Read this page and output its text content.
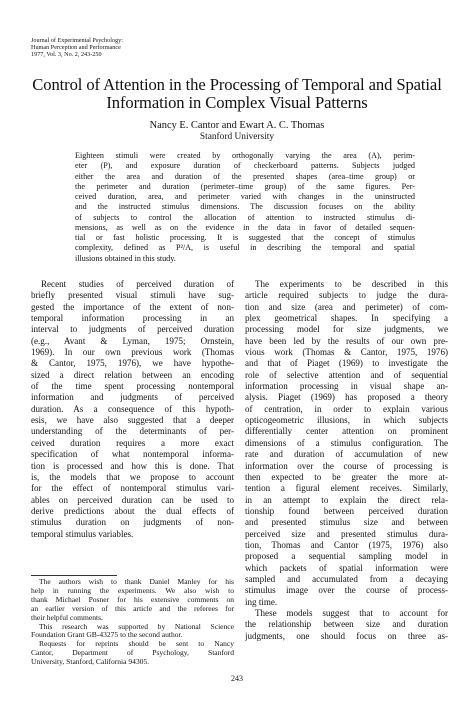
Journal of Experimental Psychology:
Human Perception and Performance
1977, Vol. 3, No. 2, 243-250
Control of Attention in the Processing of Temporal and Spatial
Information in Complex Visual Patterns
Nancy E. Cantor and Ewart A. C. Thomas
Stanford University
Eighteen stimuli were created by orthogonally varying the area (A), perim-
eter (P), and exposure duration of checkerboard patterns. Subjects judged
either the area and duration of the presented shapes (area–time group) or
the perimeter and duration (perimeter–time group) of the same figures. Per-
ceived duration, area, and perimeter varied with changes in the uninstructed
and the instructed stimulus dimensions. The discussion focuses on the ability
of subjects to control the allocation of attention to instructed stimulus di-
mensions, as well as on the evidence in the data in favor of detailed sequen-
tial or fast holistic processing. It is suggested that the concept of stimulus
complexity, defined as P²/A, is useful in describing the temporal and spatial
illusions obtained in this study.
Recent studies of perceived duration of
briefly presented visual stimuli have sug-
gested the importance of the extent of non-
temporal information processing in an
interval to judgments of perceived duration
(e.g., Avant & Lyman, 1975; Ornstein,
1969). In our own previous work (Thomas
& Cantor, 1975, 1976), we have hypothe-
sized a direct relation between an encoding
of the time spent processing nontemporal
information and judgments of perceived
duration. As a consequence of this hypoth-
esis, we have also suggested that a deeper
understanding of the determinants of per-
ceived duration requires a more exact
specification of what nontemporal informa-
tion is processed and how this is done. That
is, the models that we propose to account
for the effect of nontemporal stimulus vari-
ables on perceived duration can be used to
derive predictions about the dual effects of
stimulus duration on judgments of non-
temporal stimulus variables.
The authors wish to thank Daniel Manley for his
help in running the experiments. We also wish to
thank Michael Posner for his extensive comments on
an earlier version of this article and the referees for
their helpful comments.
This research was supported by National Science
Foundation Grant GB-43275 to the second author.
Requests for reprints should be sent to Nancy
Cantor, Department of Psychology, Stanford
University, Stanford, California 94305.
The experiments to be described in this
article required subjects to judge the dura-
tion and size (area and perimeter) of com-
plex geometrical shapes. In specifying a
processing model for size judgments, we
have been led by the results of our own pre-
vious work (Thomas & Cantor, 1975, 1976)
and that of Piaget (1969) to investigate the
role of selective attention and of sequential
information processing in visual shape an-
alysis. Piaget (1969) has proposed a theory
of centration, in order to explain various
opticogeometric illusions, in which subjects
differentially center attention on prominent
dimensions of a stimulus configuration. The
rate and duration of accumulation of new
information over the course of processing is
then expected to be greater the more at-
tention a figural element receives. Similarly,
in an attempt to explain the direct rela-
tionship found between perceived duration
and presented stimulus size and between
perceived size and presented stimulus dura-
tion, Thomas and Cantor (1975, 1976) also
proposed a sequential sampling model in
which packets of spatial information were
sampled and accumulated from a decaying
stimulus image over the course of process-
ing time.
These models suggest that to account for
the relationship between size and duration
judgments, one should focus on three as-
243
